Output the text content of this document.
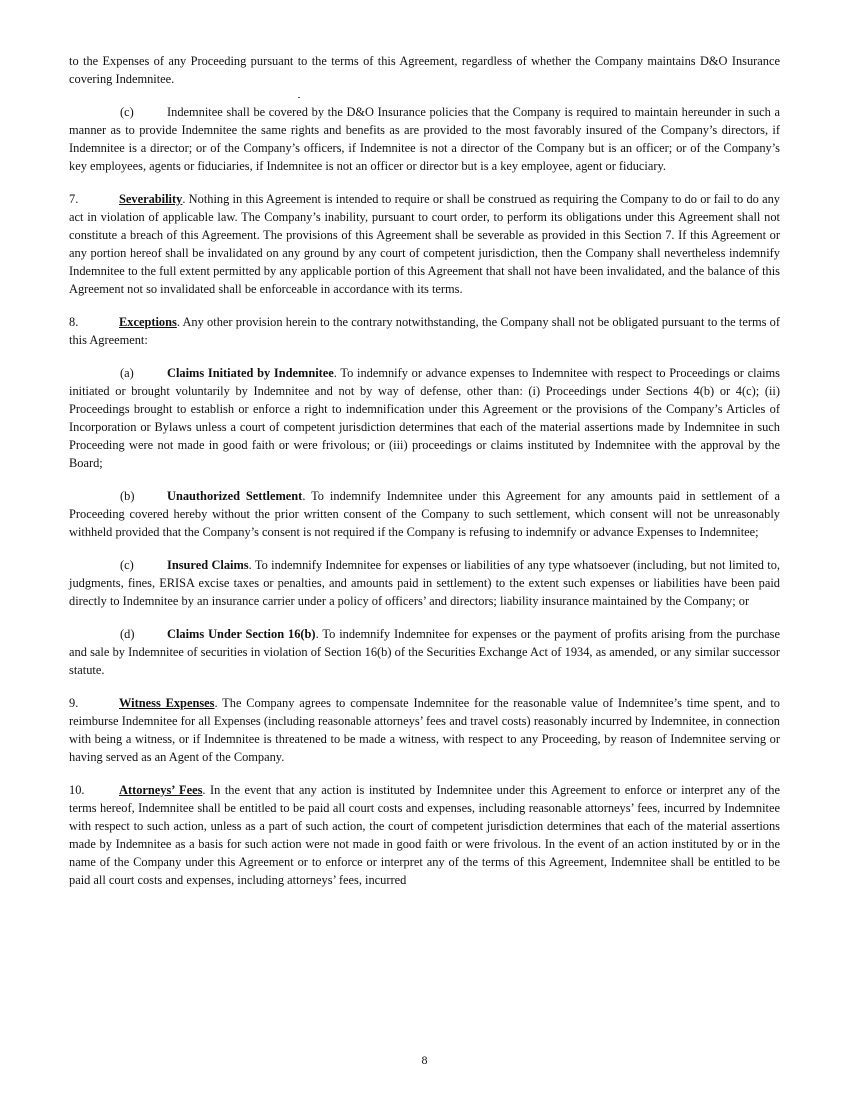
to the Expenses of any Proceeding pursuant to the terms of this Agreement, regardless of whether the Company maintains D&O Insurance covering Indemnitee.

(c)	Indemnitee shall be covered by the D&O Insurance policies that the Company is required to maintain hereunder in such a manner as to provide Indemnitee the same rights and benefits as are provided to the most favorably insured of the Company’s directors, if Indemnitee is a director; or of the Company’s officers, if Indemnitee is not a director of the Company but is an officer; or of the Company’s key employees, agents or fiduciaries, if Indemnitee is not an officer or director but is a key employee, agent or fiduciary.

7.	Severability. Nothing in this Agreement is intended to require or shall be construed as requiring the Company to do or fail to do any act in violation of applicable law. The Company’s inability, pursuant to court order, to perform its obligations under this Agreement shall not constitute a breach of this Agreement. The provisions of this Agreement shall be severable as provided in this Section 7. If this Agreement or any portion hereof shall be invalidated on any ground by any court of competent jurisdiction, then the Company shall nevertheless indemnify Indemnitee to the full extent permitted by any applicable portion of this Agreement that shall not have been invalidated, and the balance of this Agreement not so invalidated shall be enforceable in accordance with its terms.

8.	Exceptions. Any other provision herein to the contrary notwithstanding, the Company shall not be obligated pursuant to the terms of this Agreement:

(a)	Claims Initiated by Indemnitee. To indemnify or advance expenses to Indemnitee with respect to Proceedings or claims initiated or brought voluntarily by Indemnitee and not by way of defense, other than: (i) Proceedings under Sections 4(b) or 4(c); (ii) Proceedings brought to establish or enforce a right to indemnification under this Agreement or the provisions of the Company’s Articles of Incorporation or Bylaws unless a court of competent jurisdiction determines that each of the material assertions made by Indemnitee in such Proceeding were not made in good faith or were frivolous; or (iii) proceedings or claims instituted by Indemnitee with the approval by the Board;

(b)	Unauthorized Settlement. To indemnify Indemnitee under this Agreement for any amounts paid in settlement of a Proceeding covered hereby without the prior written consent of the Company to such settlement, which consent will not be unreasonably withheld provided that the Company’s consent is not required if the Company is refusing to indemnify or advance Expenses to Indemnitee;

(c)	Insured Claims. To indemnify Indemnitee for expenses or liabilities of any type whatsoever (including, but not limited to, judgments, fines, ERISA excise taxes or penalties, and amounts paid in settlement) to the extent such expenses or liabilities have been paid directly to Indemnitee by an insurance carrier under a policy of officers’ and directors; liability insurance maintained by the Company; or

(d)	Claims Under Section 16(b). To indemnify Indemnitee for expenses or the payment of profits arising from the purchase and sale by Indemnitee of securities in violation of Section 16(b) of the Securities Exchange Act of 1934, as amended, or any similar successor statute.

9.	Witness Expenses. The Company agrees to compensate Indemnitee for the reasonable value of Indemnitee’s time spent, and to reimburse Indemnitee for all Expenses (including reasonable attorneys’ fees and travel costs) reasonably incurred by Indemnitee, in connection with being a witness, or if Indemnitee is threatened to be made a witness, with respect to any Proceeding, by reason of Indemnitee serving or having served as an Agent of the Company.

10.	Attorneys’ Fees. In the event that any action is instituted by Indemnitee under this Agreement to enforce or interpret any of the terms hereof, Indemnitee shall be entitled to be paid all court costs and expenses, including reasonable attorneys’ fees, incurred by Indemnitee with respect to such action, unless as a part of such action, the court of competent jurisdiction determines that each of the material assertions made by Indemnitee as a basis for such action were not made in good faith or were frivolous. In the event of an action instituted by or in the name of the Company under this Agreement or to enforce or interpret any of the terms of this Agreement, Indemnitee shall be entitled to be paid all court costs and expenses, including attorneys’ fees, incurred

8
